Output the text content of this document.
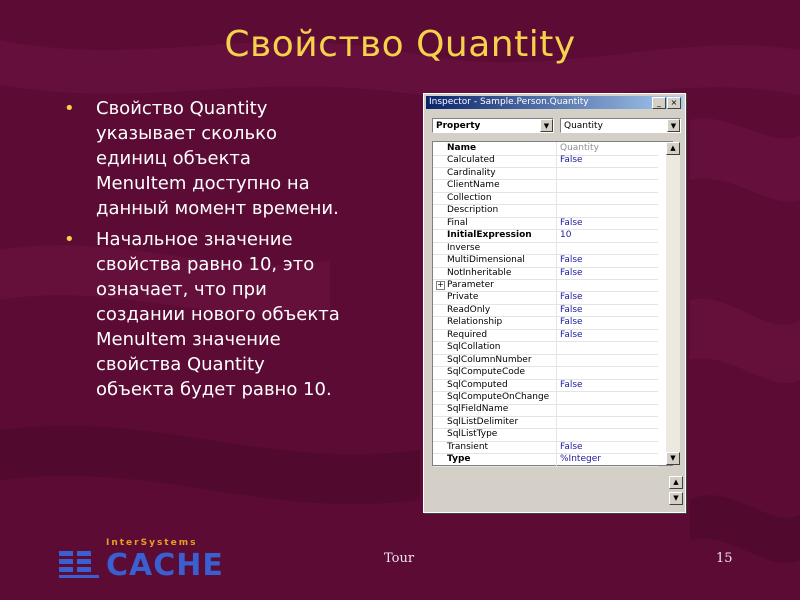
Свойство Quantity
• Свойство Quantity указывает сколько единиц объекта MenuItem доступно на данный момент времени.
• Начальное значение свойства равно 10, это означает, что при создании нового объекта MenuItem значение свойства Quantity объекта будет равно 10.
Inspector - Sample.Person.Quantity	_	×
Property	▼	Quantity	▼
Name	Quantity
Calculated	False
Cardinality
ClientName
Collection
Description
Final	False
InitialExpression	10
Inverse
MultiDimensional	False
NotInheritable	False
+ Parameter
Private	False
ReadOnly	False
Relationship	False
Required	False
SqlCollation
SqlColumnNumber
SqlComputeCode
SqlComputed	False
SqlComputeOnChange
SqlFieldName
SqlListDelimiter
SqlListType
Transient	False
Type	%Integer
▲
▼
▲
▼
InterSystems
CACHE	Tour	15
